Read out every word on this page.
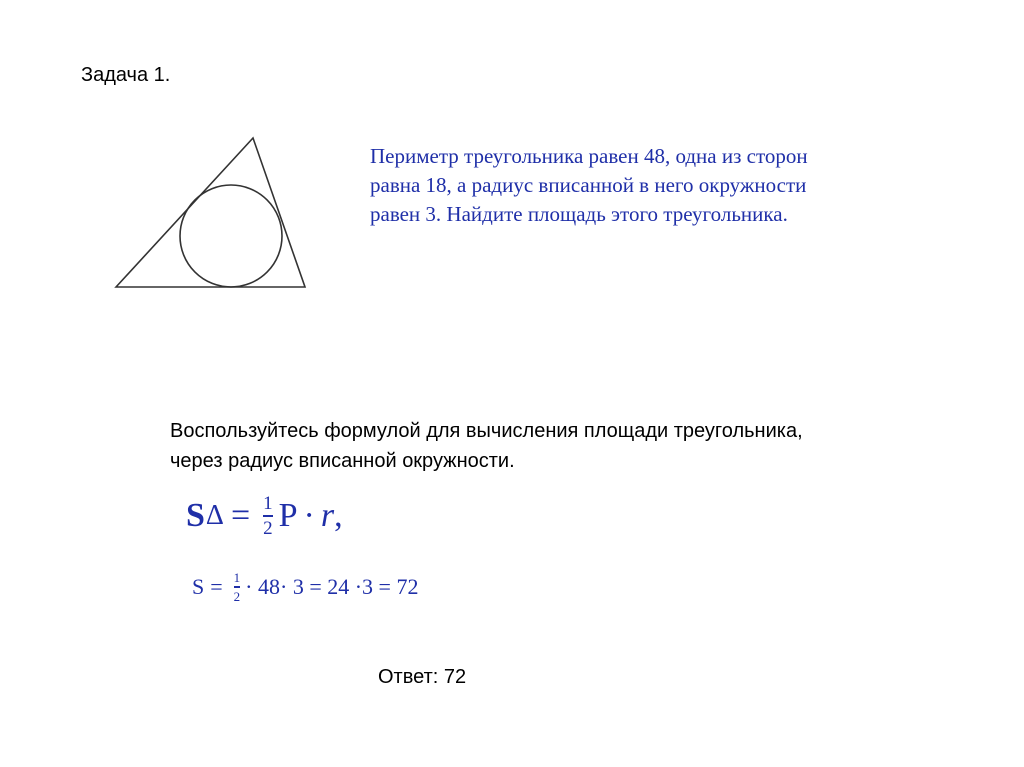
Задача 1.

Периметр треугольника равен 48, одна из сторон
равна 18, а радиус вписанной в него окружности
равен 3. Найдите площадь этого треугольника.
Воспользуйтесь формулой для вычисления площади треугольника,
через радиус вписанной окружности.
S $\Delta = \frac{1}{2}$ P · r ,
$S = \frac{1}{2} \cdot 48\cdot 3 = 24 \cdot 3 = 72$

Ответ: 72
